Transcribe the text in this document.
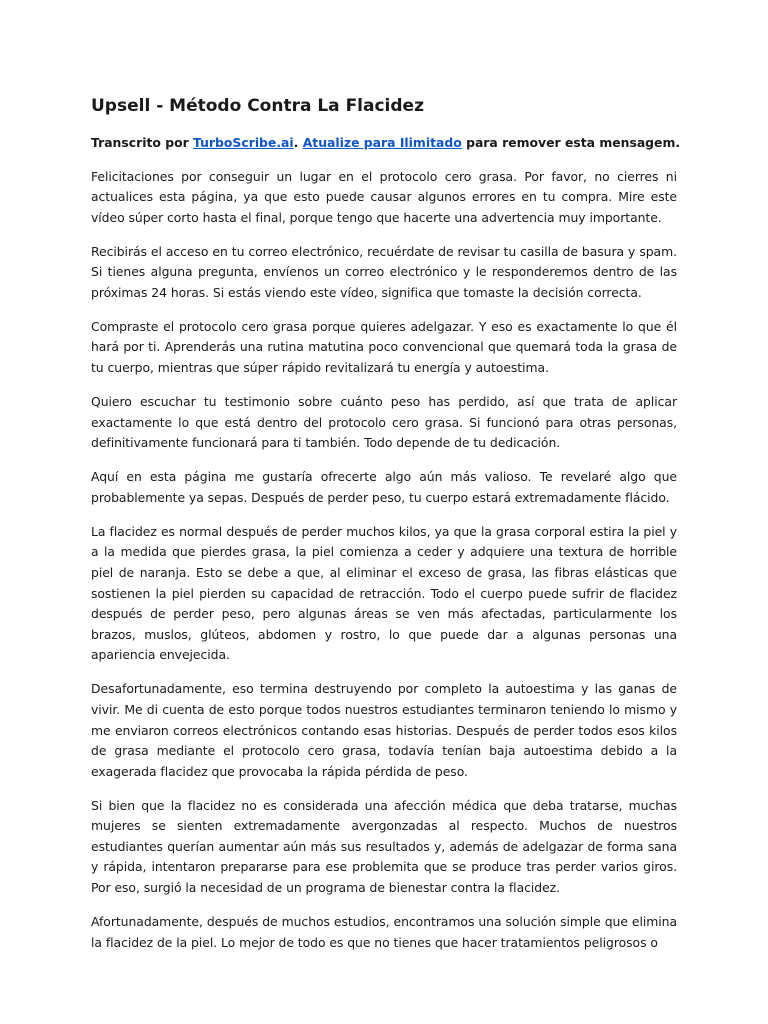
Upsell - Método Contra La Flacidez

Transcrito por TurboScribe.ai. Atualize para Ilimitado para remover esta mensagem.

Felicitaciones por conseguir un lugar en el protocolo cero grasa. Por favor, no cierres ni actualices esta página, ya que esto puede causar algunos errores en tu compra. Mire este vídeo súper corto hasta el final, porque tengo que hacerte una advertencia muy importante.

Recibirás el acceso en tu correo electrónico, recuérdate de revisar tu casilla de basura y spam. Si tienes alguna pregunta, envíenos un correo electrónico y le responderemos dentro de las próximas 24 horas. Si estás viendo este vídeo, significa que tomaste la decisión correcta.

Compraste el protocolo cero grasa porque quieres adelgazar. Y eso es exactamente lo que él hará por ti. Aprenderás una rutina matutina poco convencional que quemará toda la grasa de tu cuerpo, mientras que súper rápido revitalizará tu energía y autoestima.

Quiero escuchar tu testimonio sobre cuánto peso has perdido, así que trata de aplicar exactamente lo que está dentro del protocolo cero grasa. Si funcionó para otras personas, definitivamente funcionará para ti también. Todo depende de tu dedicación.

Aquí en esta página me gustaría ofrecerte algo aún más valioso. Te revelaré algo que probablemente ya sepas. Después de perder peso, tu cuerpo estará extremadamente flácido.

La flacidez es normal después de perder muchos kilos, ya que la grasa corporal estira la piel y a la medida que pierdes grasa, la piel comienza a ceder y adquiere una textura de horrible piel de naranja. Esto se debe a que, al eliminar el exceso de grasa, las fibras elásticas que sostienen la piel pierden su capacidad de retracción. Todo el cuerpo puede sufrir de flacidez después de perder peso, pero algunas áreas se ven más afectadas, particularmente los brazos, muslos, glúteos, abdomen y rostro, lo que puede dar a algunas personas una apariencia envejecida.

Desafortunadamente, eso termina destruyendo por completo la autoestima y las ganas de vivir. Me di cuenta de esto porque todos nuestros estudiantes terminaron teniendo lo mismo y me enviaron correos electrónicos contando esas historias. Después de perder todos esos kilos de grasa mediante el protocolo cero grasa, todavía tenían baja autoestima debido a la exagerada flacidez que provocaba la rápida pérdida de peso.

Si bien que la flacidez no es considerada una afección médica que deba tratarse, muchas mujeres se sienten extremadamente avergonzadas al respecto. Muchos de nuestros estudiantes querían aumentar aún más sus resultados y, además de adelgazar de forma sana y rápida, intentaron prepararse para ese problemita que se produce tras perder varios giros. Por eso, surgió la necesidad de un programa de bienestar contra la flacidez.

Afortunadamente, después de muchos estudios, encontramos una solución simple que elimina la flacidez de la piel. Lo mejor de todo es que no tienes que hacer tratamientos peligrosos o
